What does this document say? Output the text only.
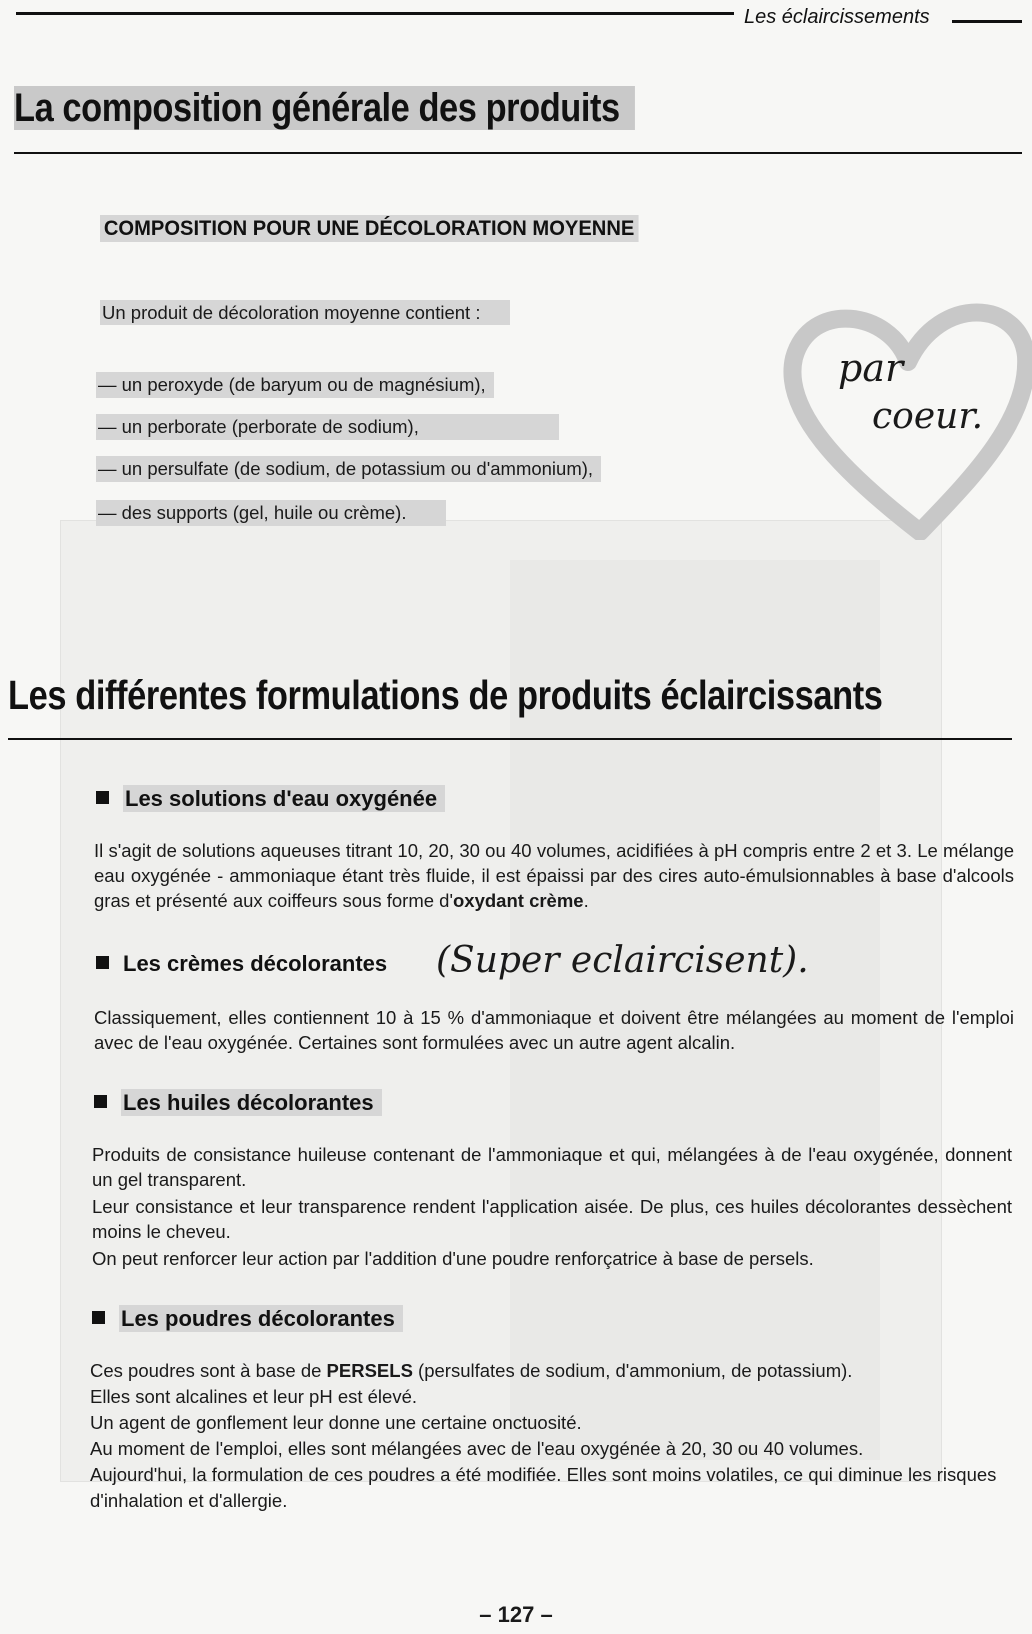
Les éclaircissements
La composition générale des produits
COMPOSITION POUR UNE DÉCOLORATION MOYENNE
Un produit de décoloration moyenne contient :
— un peroxyde (de baryum ou de magnésium),
— un perborate (perborate de sodium),
— un persulfate (de sodium, de potassium ou d'ammonium),
— des supports (gel, huile ou crème).
par
coeur.
Les différentes formulations de produits éclaircissants
Les solutions d'eau oxygénée

Il s'agit de solutions aqueuses titrant 10, 20, 30 ou 40 volumes, acidifiées à pH compris entre 2 et 3. Le mélange eau oxygénée - ammoniaque étant très fluide, il est épaissi par des cires auto-émulsionnables à base d'alcools gras et présenté aux coiffeurs sous forme d'oxydant crème.

Les crèmes décolorantes (Super eclaircisent).

Classiquement, elles contiennent 10 à 15 % d'ammoniaque et doivent être mélangées au moment de l'emploi avec de l'eau oxygénée. Certaines sont formulées avec un autre agent alcalin.

Les huiles décolorantes

Produits de consistance huileuse contenant de l'ammoniaque et qui, mélangées à de l'eau oxygénée, donnent un gel transparent.

Leur consistance et leur transparence rendent l'application aisée. De plus, ces huiles décolorantes dessèchent moins le cheveu.

On peut renforcer leur action par l'addition d'une poudre renforçatrice à base de persels.

Les poudres décolorantes

Ces poudres sont à base de PERSELS (persulfates de sodium, d'ammonium, de potassium).

Elles sont alcalines et leur pH est élevé.

Un agent de gonflement leur donne une certaine onctuosité.

Au moment de l'emploi, elles sont mélangées avec de l'eau oxygénée à 20, 30 ou 40 volumes.

Aujourd'hui, la formulation de ces poudres a été modifiée. Elles sont moins volatiles, ce qui diminue les risques d'inhalation et d'allergie.

– 127 –
